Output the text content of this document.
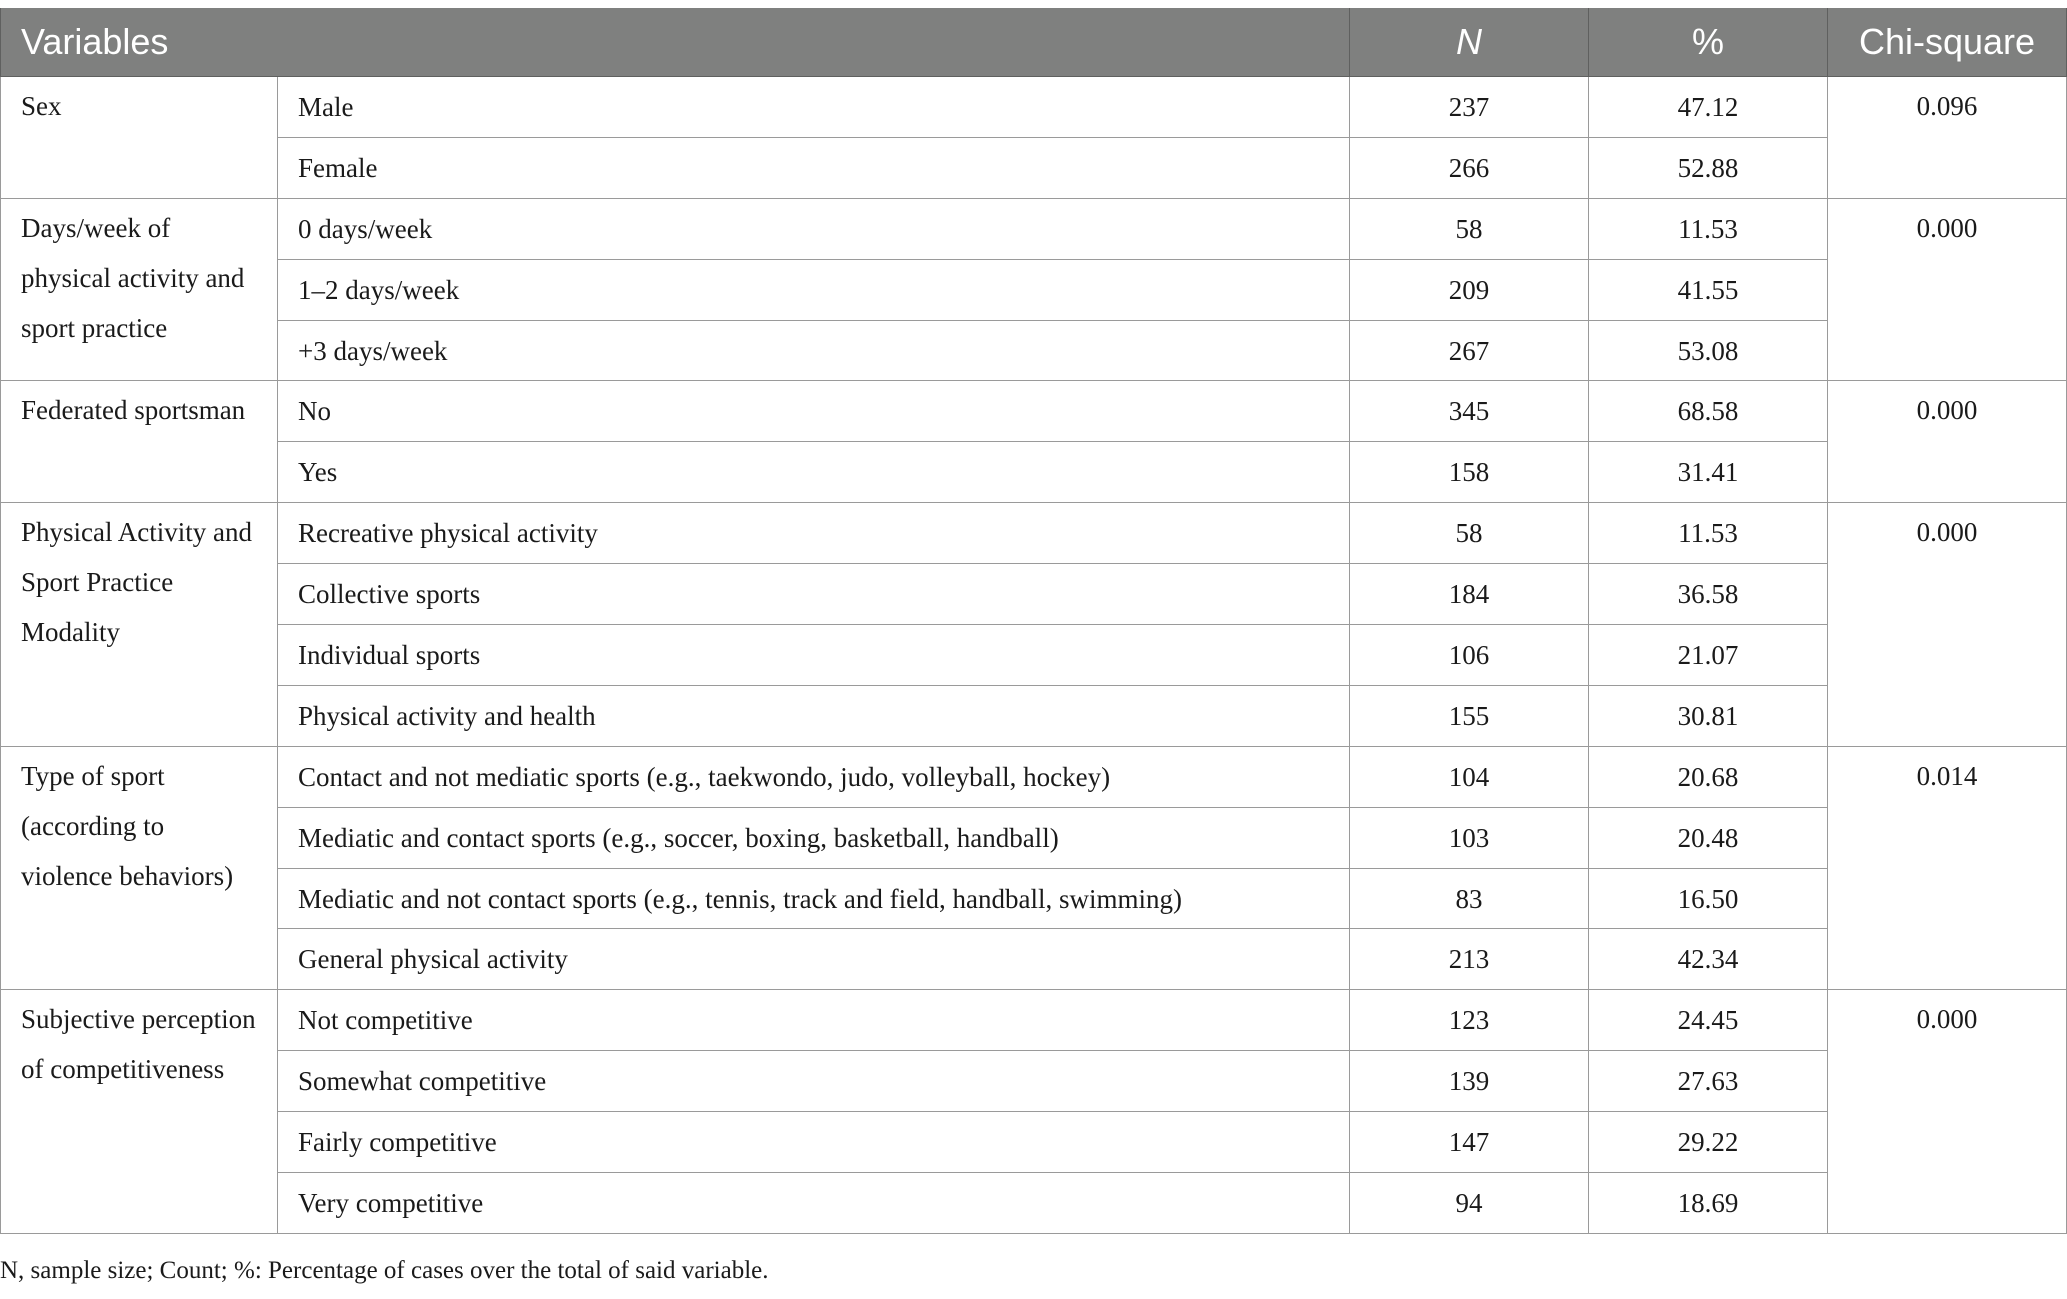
Variables		N	%	Chi-square
Sex	Male	237	47.12	0.096
	Female	266	52.88	
Days/week of physical activity and sport practice	0 days/week	58	11.53	0.000
	1–2 days/week	209	41.55	
	+3 days/week	267	53.08	
Federated sportsman	No	345	68.58	0.000
	Yes	158	31.41	
Physical Activity and Sport Practice Modality	Recreative physical activity	58	11.53	0.000
	Collective sports	184	36.58	
	Individual sports	106	21.07	
	Physical activity and health	155	30.81	
Type of sport (according to violence behaviors)	Contact and not mediatic sports (e.g., taekwondo, judo, volleyball, hockey)	104	20.68	0.014
	Mediatic and contact sports (e.g., soccer, boxing, basketball, handball)	103	20.48	
	Mediatic and not contact sports (e.g., tennis, track and field, handball, swimming)	83	16.50	
	General physical activity	213	42.34	
Subjective perception of competitiveness	Not competitive	123	24.45	0.000
	Somewhat competitive	139	27.63	
	Fairly competitive	147	29.22	
	Very competitive	94	18.69	
N, sample size; Count; %: Percentage of cases over the total of said variable.
